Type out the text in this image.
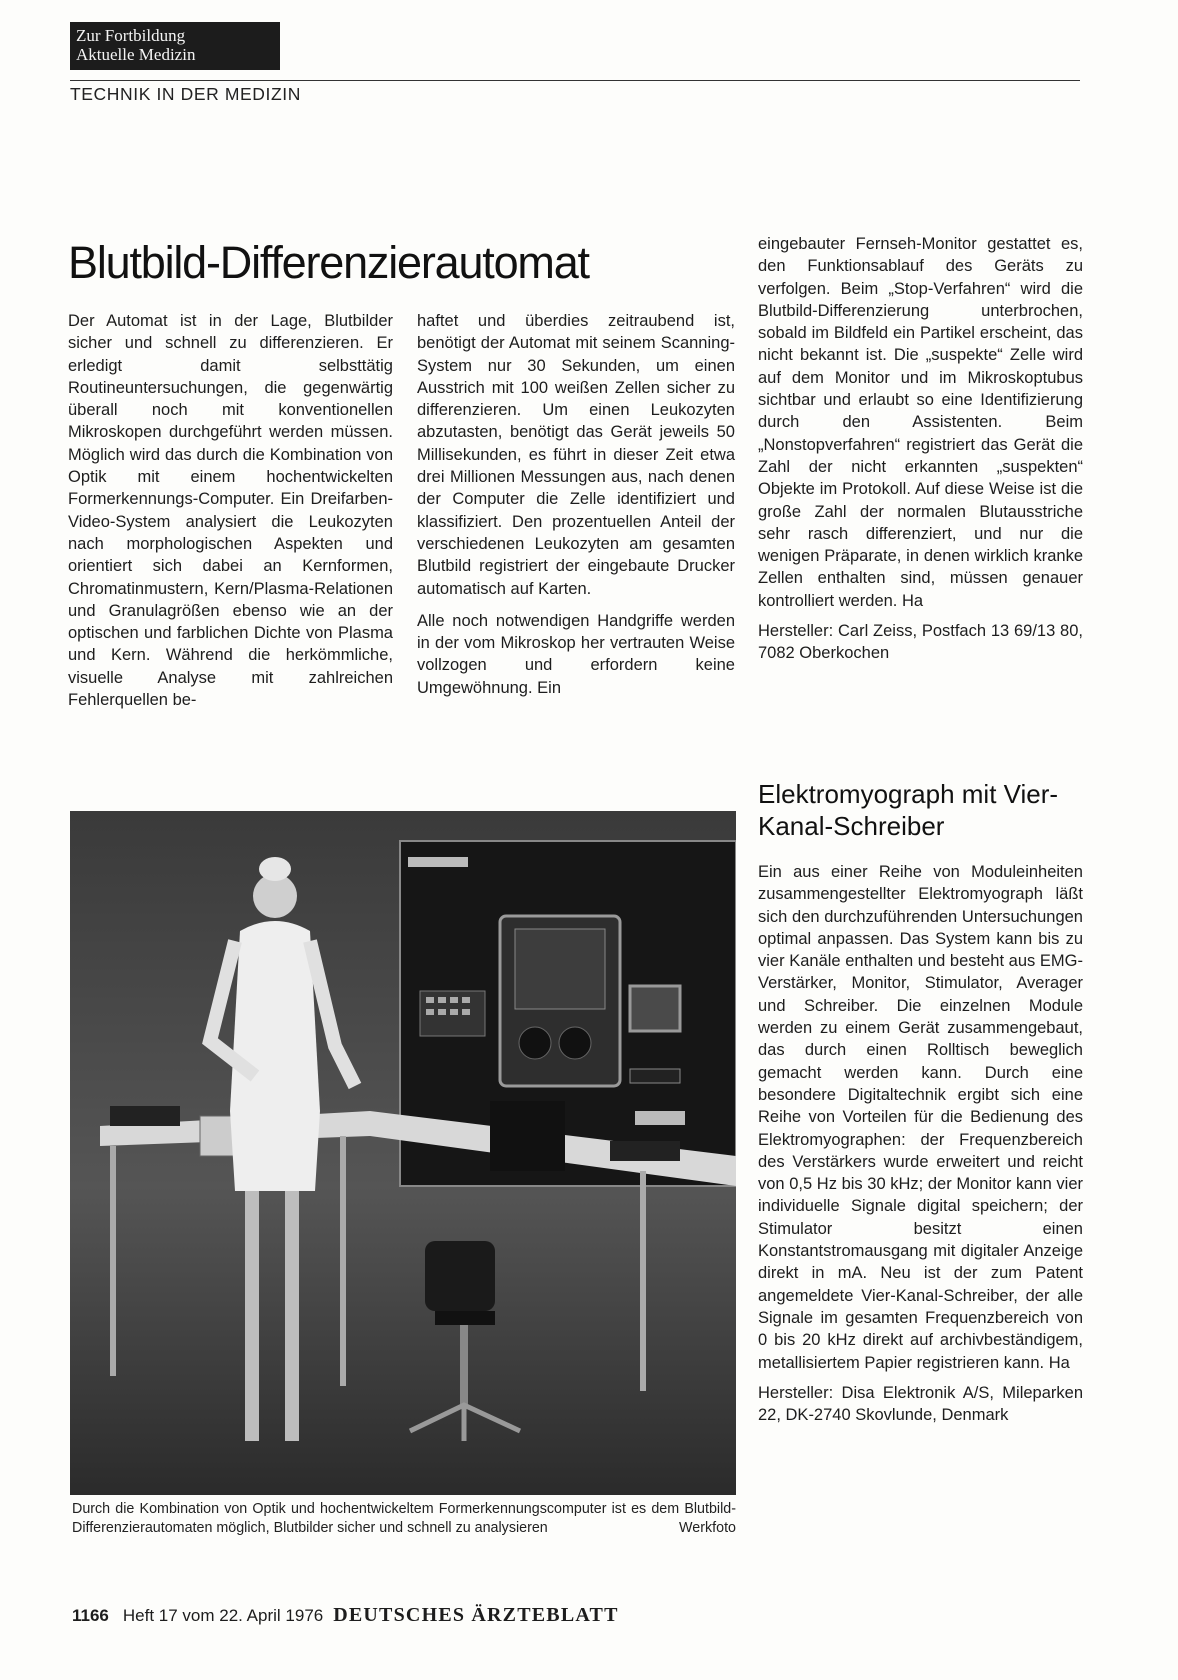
Zur Fortbildung
Aktuelle Medizin
TECHNIK IN DER MEDIZIN
Blutbild-Differenzierautomat

Der Automat ist in der Lage, Blutbilder sicher und schnell zu differenzieren. Er erledigt damit selbsttätig Routineuntersuchungen, die gegenwärtig überall noch mit konventionellen Mikroskopen durchgeführt werden müssen. Möglich wird das durch die Kombination von Optik mit einem hochentwickelten Formerkennungs-Computer. Ein Dreifarben-Video-System analysiert die Leukozyten nach morphologischen Aspekten und orientiert sich dabei an Kernformen, Chromatinmustern, Kern/Plasma-Relationen und Granulagrößen ebenso wie an der optischen und farblichen Dichte von Plasma und Kern. Während die herkömmliche, visuelle Analyse mit zahlreichen Fehlerquellen be-

haftet und überdies zeitraubend ist, benötigt der Automat mit seinem Scanning-System nur 30 Sekunden, um einen Ausstrich mit 100 weißen Zellen sicher zu differenzieren. Um einen Leukozyten abzutasten, benötigt das Gerät jeweils 50 Millisekunden, es führt in dieser Zeit etwa drei Millionen Messungen aus, nach denen der Computer die Zelle identifiziert und klassifiziert. Den prozentuellen Anteil der verschiedenen Leukozyten am gesamten Blutbild registriert der eingebaute Drucker automatisch auf Karten.

Alle noch notwendigen Handgriffe werden in der vom Mikroskop her vertrauten Weise vollzogen und erfordern keine Umgewöhnung. Ein

eingebauter Fernseh-Monitor gestattet es, den Funktionsablauf des Geräts zu verfolgen. Beim „Stop-Verfahren“ wird die Blutbild-Differenzierung unterbrochen, sobald im Bildfeld ein Partikel erscheint, das nicht bekannt ist. Die „suspekte“ Zelle wird auf dem Monitor und im Mikroskoptubus sichtbar und erlaubt so eine Identifizierung durch den Assistenten. Beim „Nonstopverfahren“ registriert das Gerät die Zahl der nicht erkannten „suspekten“ Objekte im Protokoll. Auf diese Weise ist die große Zahl der normalen Blutausstriche sehr rasch differenziert, und nur die wenigen Präparate, in denen wirklich kranke Zellen enthalten sind, müssen genauer kontrolliert werden. Ha

Hersteller: Carl Zeiss, Postfach 13 69/13 80, 7082 Oberkochen

Elektromyograph mit Vier-Kanal-Schreiber

Ein aus einer Reihe von Moduleinheiten zusammengestellter Elektromyograph läßt sich den durchzuführenden Untersuchungen optimal anpassen. Das System kann bis zu vier Kanäle enthalten und besteht aus EMG-Verstärker, Monitor, Stimulator, Averager und Schreiber. Die einzelnen Module werden zu einem Gerät zusammengebaut, das durch einen Rolltisch beweglich gemacht werden kann. Durch eine besondere Digitaltechnik ergibt sich eine Reihe von Vorteilen für die Bedienung des Elektromyographen: der Frequenzbereich des Verstärkers wurde erweitert und reicht von 0,5 Hz bis 30 kHz; der Monitor kann vier individuelle Signale digital speichern; der Stimulator besitzt einen Konstantstromausgang mit digitaler Anzeige direkt in mA. Neu ist der zum Patent angemeldete Vier-Kanal-Schreiber, der alle Signale im gesamten Frequenzbereich von 0 bis 20 kHz direkt auf archivbeständigem, metallisiertem Papier registrieren kann. Ha

Hersteller: Disa Elektronik A/S, Mileparken 22, DK-2740 Skovlunde, Denmark

Durch die Kombination von Optik und hochentwickeltem Formerkennungscomputer ist es dem Blutbild-Differenzierautomaten möglich, Blutbilder sicher und schnell zu analysieren	Werkfoto
1166 Heft 17 vom 22. April 1976 DEUTSCHES ÄRZTEBLATT
